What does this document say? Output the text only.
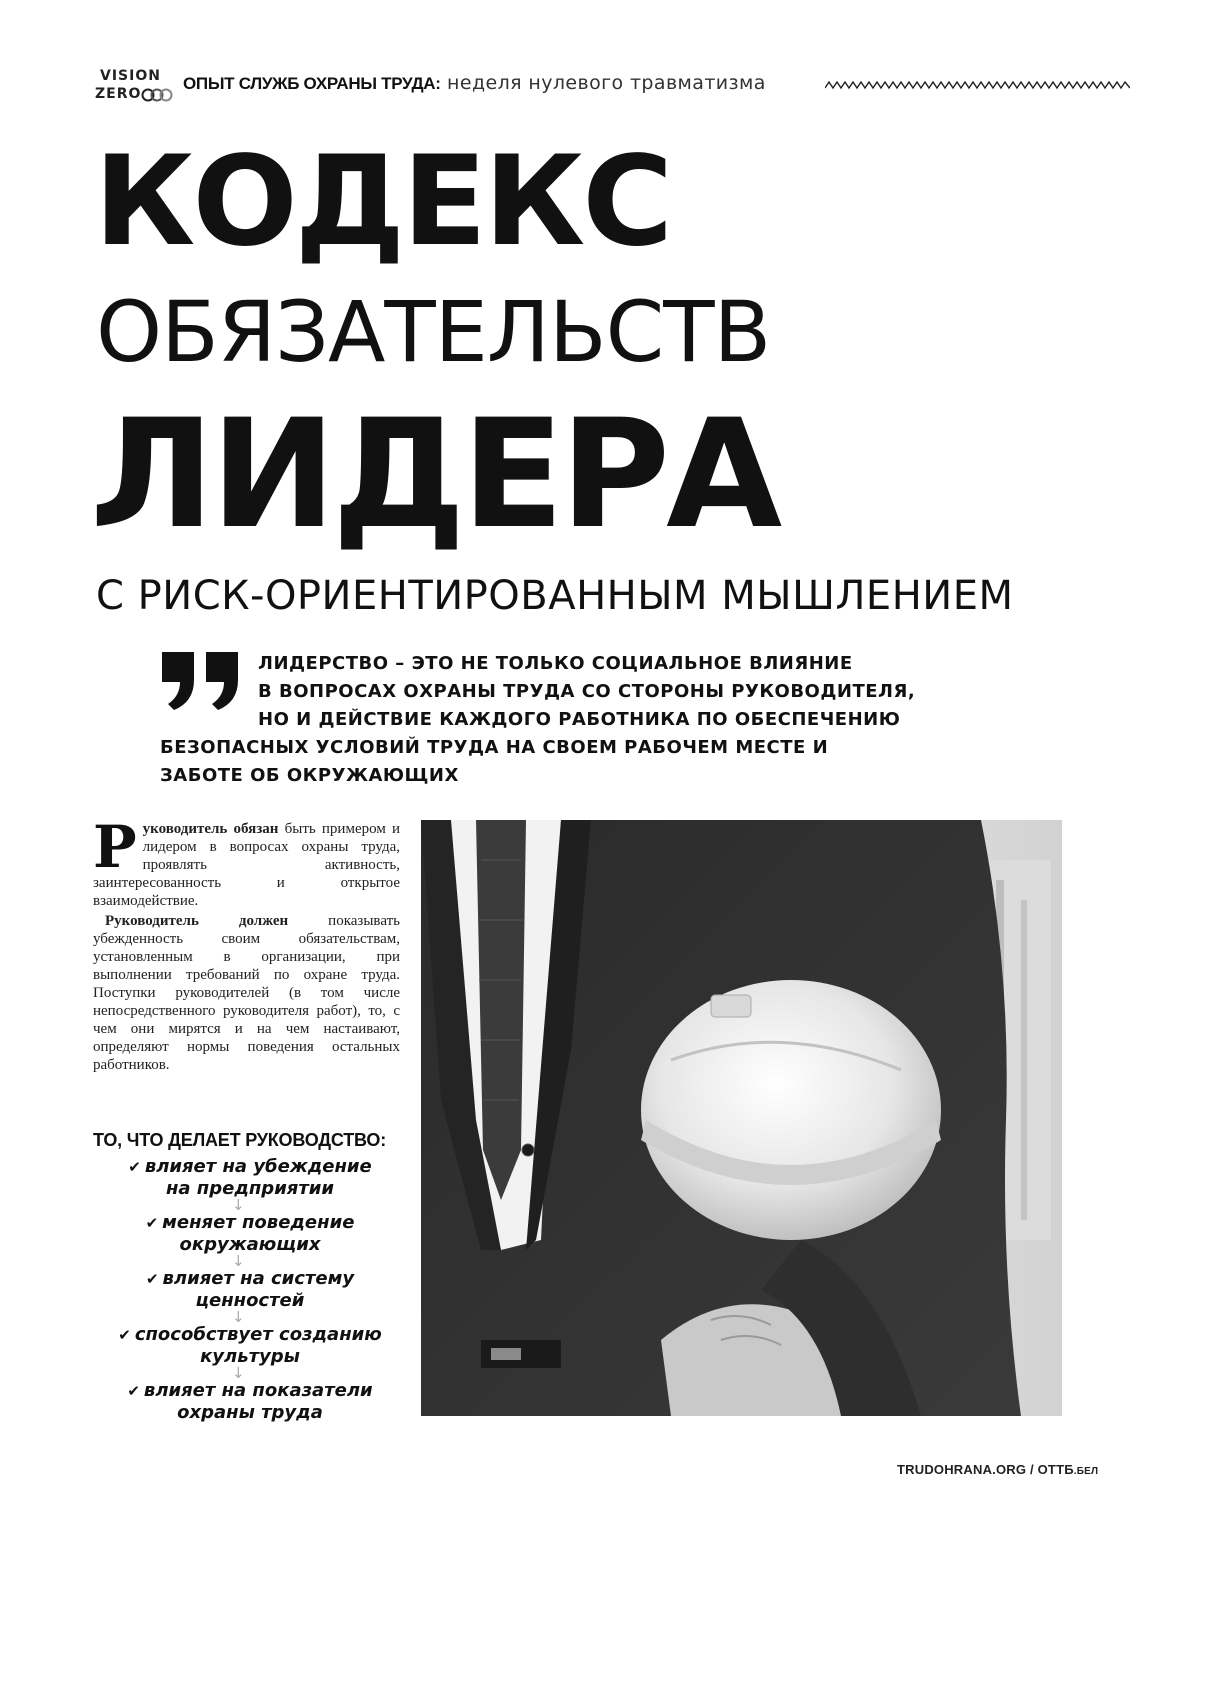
VISION
ZERO
ОПЫТ СЛУЖБ ОХРАНЫ ТРУДА: неделя нулевого травматизма
КОДЕКС
ОБЯЗАТЕЛЬСТВ
ЛИДЕРА
С РИСК-ОРИЕНТИРОВАННЫМ МЫШЛЕНИЕМ
ЛИДЕРСТВО – ЭТО НЕ ТОЛЬКО СОЦИАЛЬНОЕ ВЛИЯНИЕ
В ВОПРОСАХ ОХРАНЫ ТРУДА СО СТОРОНЫ РУКОВОДИТЕЛЯ,
НО И ДЕЙСТВИЕ КАЖДОГО РАБОТНИКА ПО ОБЕСПЕЧЕНИЮ
БЕЗОПАСНЫХ УСЛОВИЙ ТРУДА НА СВОЕМ РАБОЧЕМ МЕСТЕ И
ЗАБОТЕ ОБ ОКРУЖАЮЩИХ

Руководитель обязан быть примером и лидером в вопросах охраны труда, проявлять активность, заинтересованность и открытое взаимодействие.

Руководитель должен показывать убежденность своим обязательствам, установленным в организации, при выполнении требований по охране труда. Поступки руководителей (в том числе непосредственного руководителя работ), то, с чем они мирятся и на чем настаивают, определяют нормы поведения остальных работников.

ТО, ЧТО ДЕЛАЕТ РУКОВОДСТВО:
✔ влияет на убеждение
на предприятии
↓
✔ меняет поведение
окружающих
↓
✔ влияет на систему
ценностей
↓
✔ способствует созданию
культуры
↓
✔ влияет на показатели
охраны труда
TRUDOHRANA.ORG / ОТТБ.БЕЛ
